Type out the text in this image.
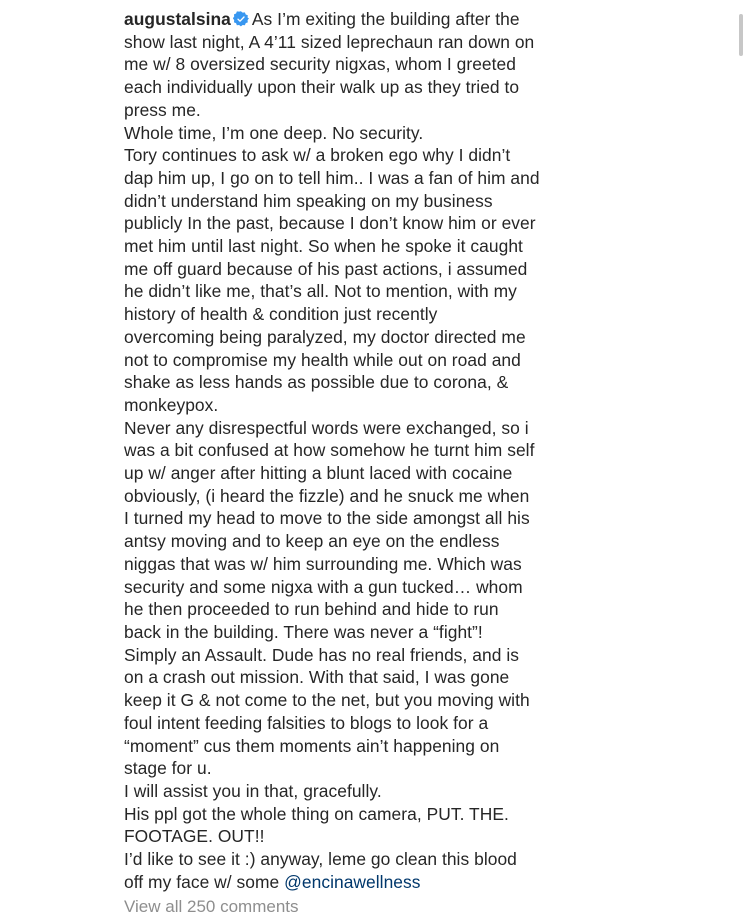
augustalsina As I’m exiting the building after the
show last night, A 4’11 sized leprechaun ran down on
me w/ 8 oversized security nigxas, whom I greeted
each individually upon their walk up as they tried to
press me.
Whole time, I’m one deep. No security.
Tory continues to ask w/ a broken ego why I didn’t
dap him up, I go on to tell him.. I was a fan of him and
didn’t understand him speaking on my business
publicly In the past, because I don’t know him or ever
met him until last night. So when he spoke it caught
me off guard because of his past actions, i assumed
he didn’t like me, that’s all. Not to mention, with my
history of health & condition just recently
overcoming being paralyzed, my doctor directed me
not to compromise my health while out on road and
shake as less hands as possible due to corona, &
monkeypox.
Never any disrespectful words were exchanged, so i
was a bit confused at how somehow he turnt him self
up w/ anger after hitting a blunt laced with cocaine
obviously, (i heard the fizzle) and he snuck me when
I turned my head to move to the side amongst all his
antsy moving and to keep an eye on the endless
niggas that was w/ him surrounding me. Which was
security and some nigxa with a gun tucked… whom
he then proceeded to run behind and hide to run
back in the building. There was never a “fight”!
Simply an Assault. Dude has no real friends, and is
on a crash out mission. With that said, I was gone
keep it G & not come to the net, but you moving with
foul intent feeding falsities to blogs to look for a
“moment” cus them moments ain’t happening on
stage for u.
I will assist you in that, gracefully.
His ppl got the whole thing on camera, PUT. THE.
FOOTAGE. OUT!!
I’d like to see it :) anyway, leme go clean this blood
off my face w/ some @encinawellness
View all 250 comments
